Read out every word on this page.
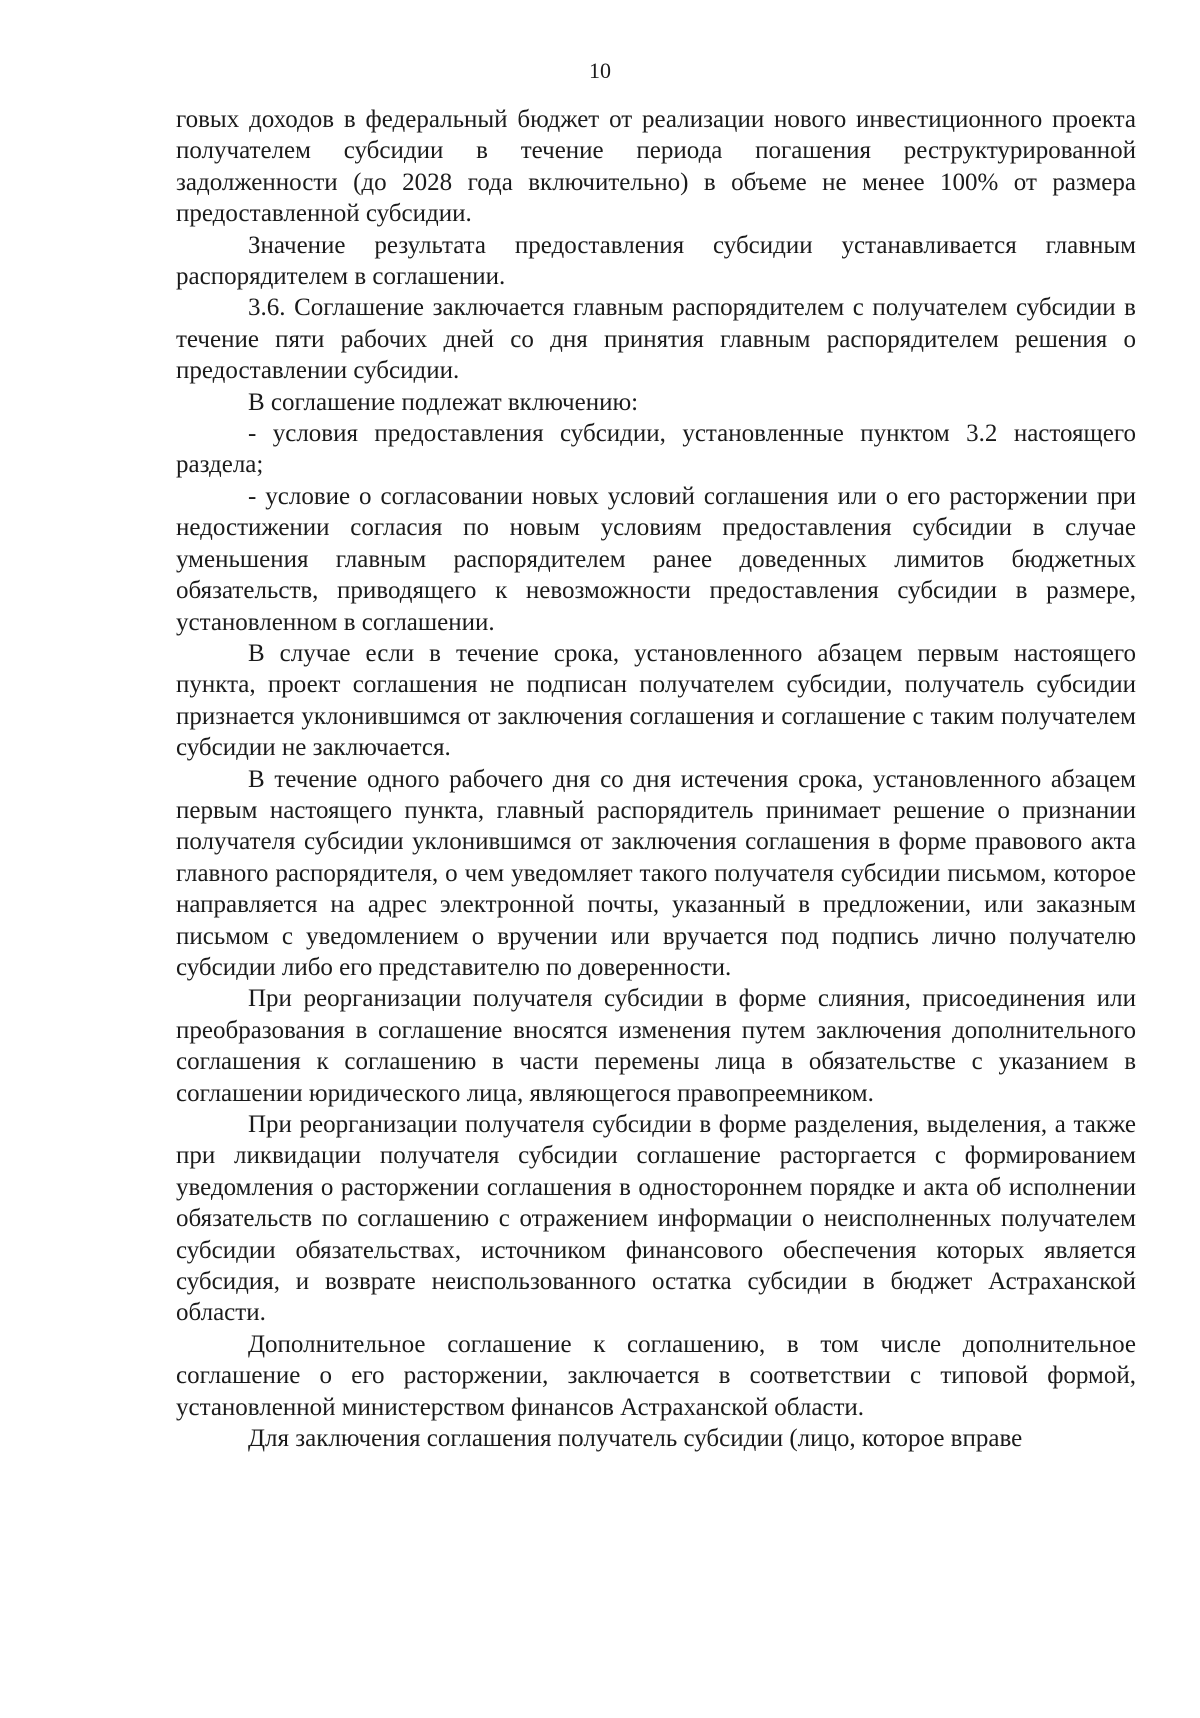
10

говых доходов в федеральный бюджет от реализации нового инвестиционного проекта получателем субсидии в течение периода погашения реструктурированной задолженности (до 2028 года включительно) в объеме не менее 100% от размера предоставленной субсидии.

Значение результата предоставления субсидии устанавливается главным распорядителем в соглашении.

3.6. Соглашение заключается главным распорядителем с получателем субсидии в течение пяти рабочих дней со дня принятия главным распорядителем решения о предоставлении субсидии.

В соглашение подлежат включению:

- условия предоставления субсидии, установленные пунктом 3.2 настоящего раздела;

- условие о согласовании новых условий соглашения или о его расторжении при недостижении согласия по новым условиям предоставления субсидии в случае уменьшения главным распорядителем ранее доведенных лимитов бюджетных обязательств, приводящего к невозможности предоставления субсидии в размере, установленном в соглашении.

В случае если в течение срока, установленного абзацем первым настоящего пункта, проект соглашения не подписан получателем субсидии, получатель субсидии признается уклонившимся от заключения соглашения и соглашение с таким получателем субсидии не заключается.

В течение одного рабочего дня со дня истечения срока, установленного абзацем первым настоящего пункта, главный распорядитель принимает решение о признании получателя субсидии уклонившимся от заключения соглашения в форме правового акта главного распорядителя, о чем уведомляет такого получателя субсидии письмом, которое направляется на адрес электронной почты, указанный в предложении, или заказным письмом с уведомлением о вручении или вручается под подпись лично получателю субсидии либо его представителю по доверенности.

При реорганизации получателя субсидии в форме слияния, присоединения или преобразования в соглашение вносятся изменения путем заключения дополнительного соглашения к соглашению в части перемены лица в обязательстве с указанием в соглашении юридического лица, являющегося правопреемником.

При реорганизации получателя субсидии в форме разделения, выделения, а также при ликвидации получателя субсидии соглашение расторгается с формированием уведомления о расторжении соглашения в одностороннем порядке и акта об исполнении обязательств по соглашению с отражением информации о неисполненных получателем субсидии обязательствах, источником финансового обеспечения которых является субсидия, и возврате неиспользованного остатка субсидии в бюджет Астраханской области.

Дополнительное соглашение к соглашению, в том числе дополнительное соглашение о его расторжении, заключается в соответствии с типовой формой, установленной министерством финансов Астраханской области.

Для заключения соглашения получатель субсидии (лицо, которое вправе
